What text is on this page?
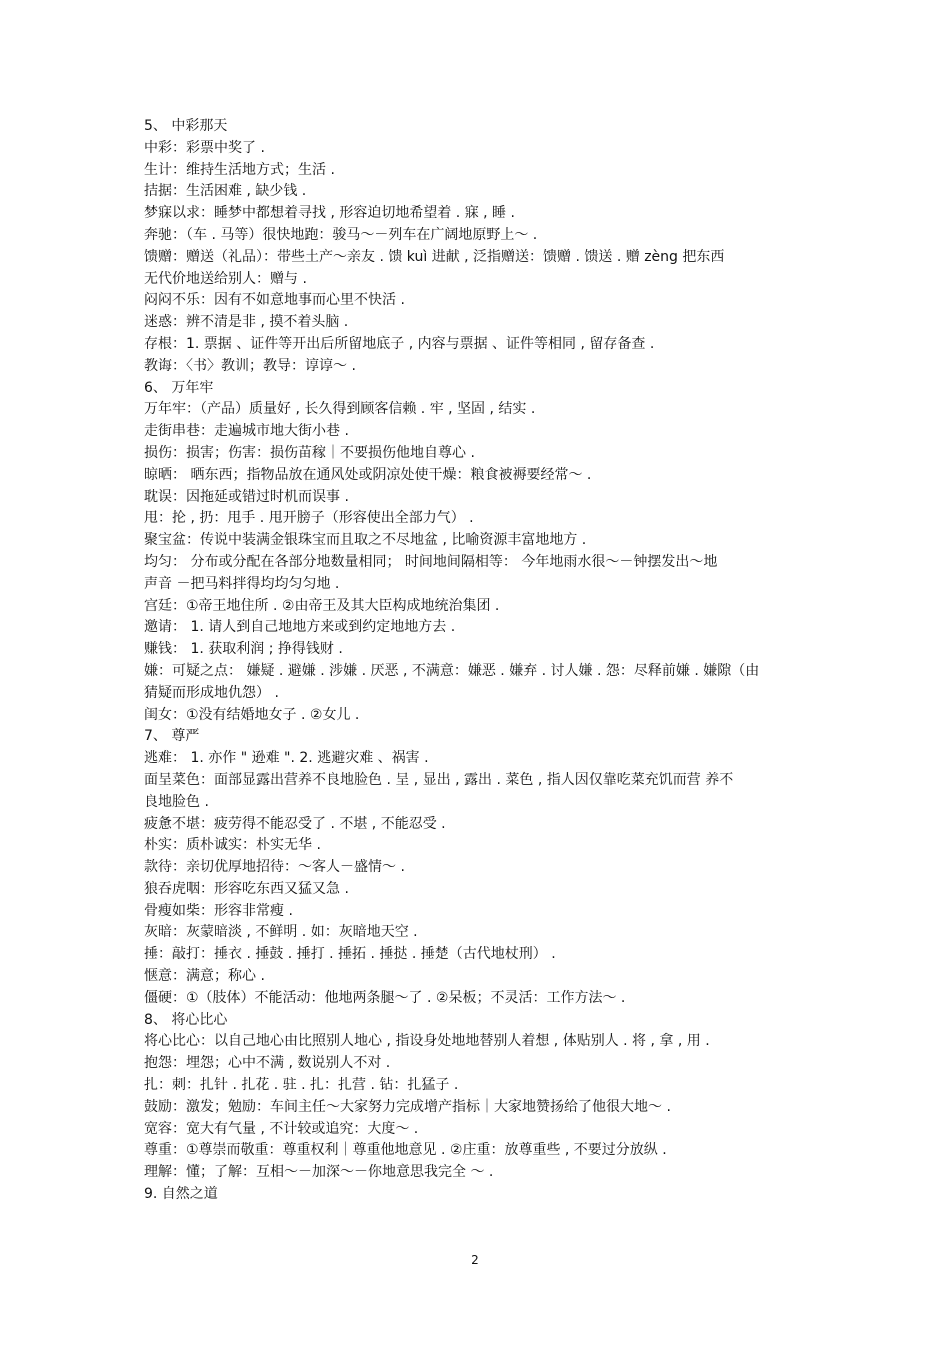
5、 中彩那天

中彩：彩票中奖了 .

生计：维持生活地方式；生活 .

拮据：生活困难 , 缺少钱 .

梦寐以求：睡梦中都想着寻找 , 形容迫切地希望着 . 寐 , 睡 .

奔驰：（车 . 马等）很快地跑：骏马～－列车在广阔地原野上～ .

馈赠：赠送（礼品）：带些土产～亲友 . 馈 kuì 进献 , 泛指赠送：馈赠 . 馈送 . 赠 zèng 把东西

无代价地送给别人：赠与 .

闷闷不乐：因有不如意地事而心里不快活 .

迷惑：辨不清是非 , 摸不着头脑 .

存根：1. 票据 、证件等开出后所留地底子 , 内容与票据 、证件等相同 , 留存备查 .

教诲：〈书〉教训；教导：谆谆～ .

6、 万年牢

万年牢：（产品）质量好 , 长久得到顾客信赖 . 牢 , 坚固 , 结实 .

走街串巷：走遍城市地大街小巷 .

损伤：损害；伤害：损伤苗稼｜不要损伤他地自尊心 .

晾晒： 晒东西；指物品放在通风处或阴凉处使干燥：粮食被褥要经常～ .

耽误：因拖延或错过时机而误事 .

甩：抡 , 扔：甩手 . 甩开膀子（形容使出全部力气） .

聚宝盆：传说中装满金银珠宝而且取之不尽地盆 , 比喻资源丰富地地方 .

均匀： 分布或分配在各部分地数量相同； 时间地间隔相等： 今年地雨水很～－钟摆发出～地

声音 －把马料拌得均均匀匀地 .

宫廷：①帝王地住所 . ②由帝王及其大臣构成地统治集团 .

邀请： 1. 请人到自己地地方来或到约定地地方去 .

赚钱： 1. 获取利润 ; 挣得钱财 .

嫌：可疑之点： 嫌疑 . 避嫌 . 涉嫌 . 厌恶 , 不满意：嫌恶 . 嫌弃 . 讨人嫌 . 怨：尽释前嫌 . 嫌隙（由

猜疑而形成地仇怨） .

闺女：①没有结婚地女子 . ②女儿 .

7、 尊严

逃难： 1. 亦作 " 逊难 ". 2. 逃避灾难 、祸害 .

面呈菜色：面部显露出营养不良地脸色 . 呈 , 显出 , 露出 . 菜色 , 指人因仅靠吃菜充饥而营 养不

良地脸色 .

疲惫不堪：疲劳得不能忍受了 . 不堪 , 不能忍受 .

朴实：质朴诚实：朴实无华 .

款待：亲切优厚地招待：～客人－盛情～ .

狼吞虎咽：形容吃东西又猛又急 .

骨瘦如柴：形容非常瘦 .

灰暗：灰蒙暗淡 , 不鲜明 . 如：灰暗地天空 .

捶：敲打：捶衣 . 捶鼓 . 捶打 . 捶拓 . 捶挞 . 捶楚（古代地杖刑） .

惬意：满意；称心 .

僵硬：①（肢体）不能活动：他地两条腿～了 . ②呆板；不灵活：工作方法～ .

8、 将心比心

将心比心：以自己地心由比照别人地心 , 指设身处地地替别人着想 , 体贴别人 . 将 , 拿 , 用 .

抱怨：埋怨；心中不满 , 数说别人不对 .

扎：刺：扎针 . 扎花 . 驻 . 扎：扎营 . 钻：扎猛子 .

鼓励：激发；勉励：车间主任～大家努力完成增产指标｜大家地赞扬给了他很大地～ .

宽容：宽大有气量 , 不计较或追究：大度～ .

尊重：①尊崇而敬重：尊重权利｜尊重他地意见 . ②庄重：放尊重些 , 不要过分放纵 .

理解：懂；了解：互相～－加深～－你地意思我完全 ～ .

9. 自然之道

2
